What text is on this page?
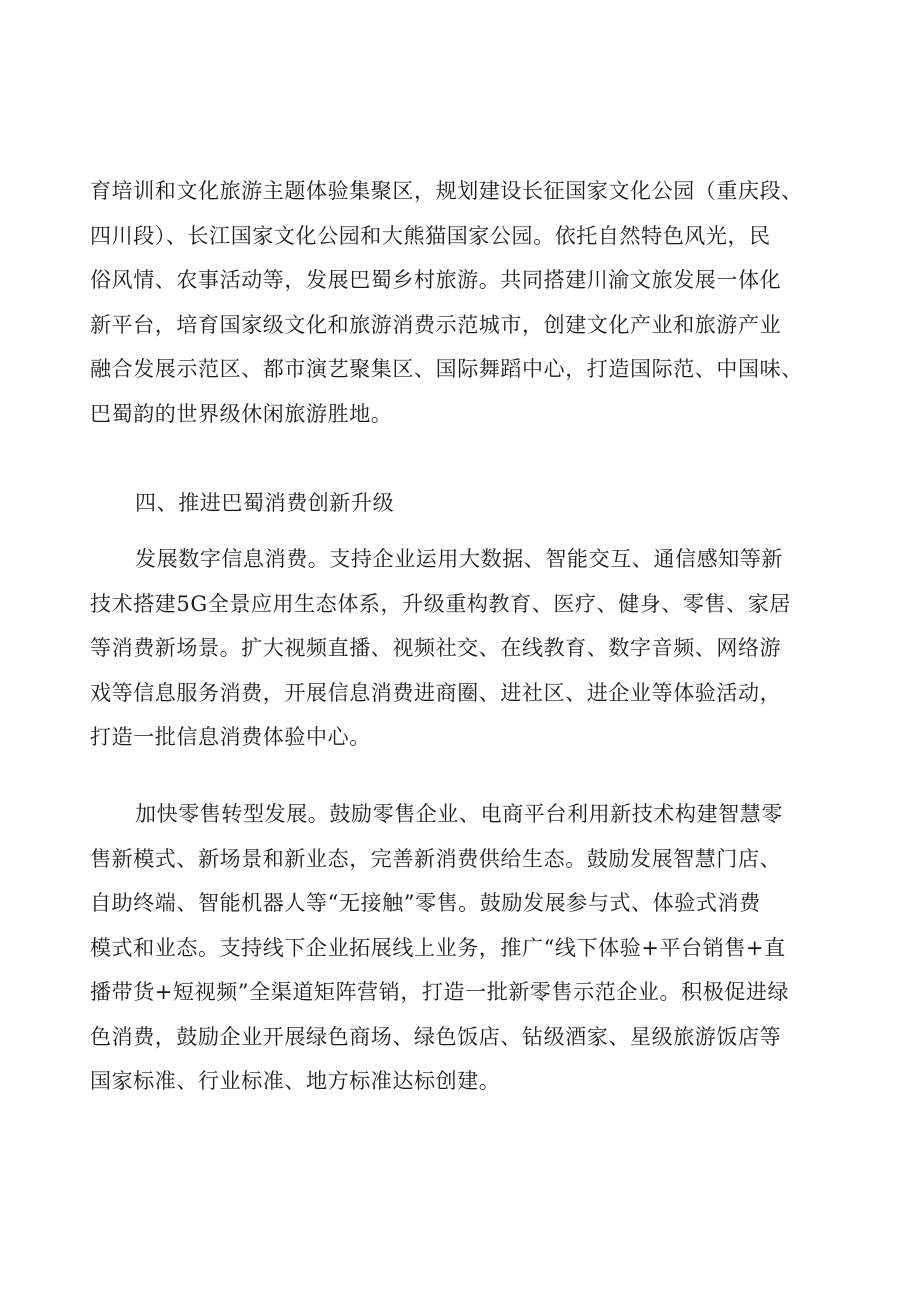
育培训和文化旅游主题体验集聚区，规划建设长征国家文化公园（重庆段、
四川段）、长江国家文化公园和大熊猫国家公园。依托自然特色风光，民
俗风情、农事活动等，发展巴蜀乡村旅游。共同搭建川渝文旅发展一体化
新平台，培育国家级文化和旅游消费示范城市，创建文化产业和旅游产业
融合发展示范区、都市演艺聚集区、国际舞蹈中心，打造国际范、中国味、
巴蜀韵的世界级休闲旅游胜地。
四、推进巴蜀消费创新升级
发展数字信息消费。支持企业运用大数据、智能交互、通信感知等新
技术搭建5G全景应用生态体系，升级重构教育、医疗、健身、零售、家居
等消费新场景。扩大视频直播、视频社交、在线教育、数字音频、网络游
戏等信息服务消费，开展信息消费进商圈、进社区、进企业等体验活动，
打造一批信息消费体验中心。
加快零售转型发展。鼓励零售企业、电商平台利用新技术构建智慧零
售新模式、新场景和新业态，完善新消费供给生态。鼓励发展智慧门店、
自助终端、智能机器人等“无接触”零售。鼓励发展参与式、体验式消费
模式和业态。支持线下企业拓展线上业务，推广“线下体验+平台销售+直
播带货+短视频”全渠道矩阵营销，打造一批新零售示范企业。积极促进绿
色消费，鼓励企业开展绿色商场、绿色饭店、钻级酒家、星级旅游饭店等
国家标准、行业标准、地方标准达标创建。
